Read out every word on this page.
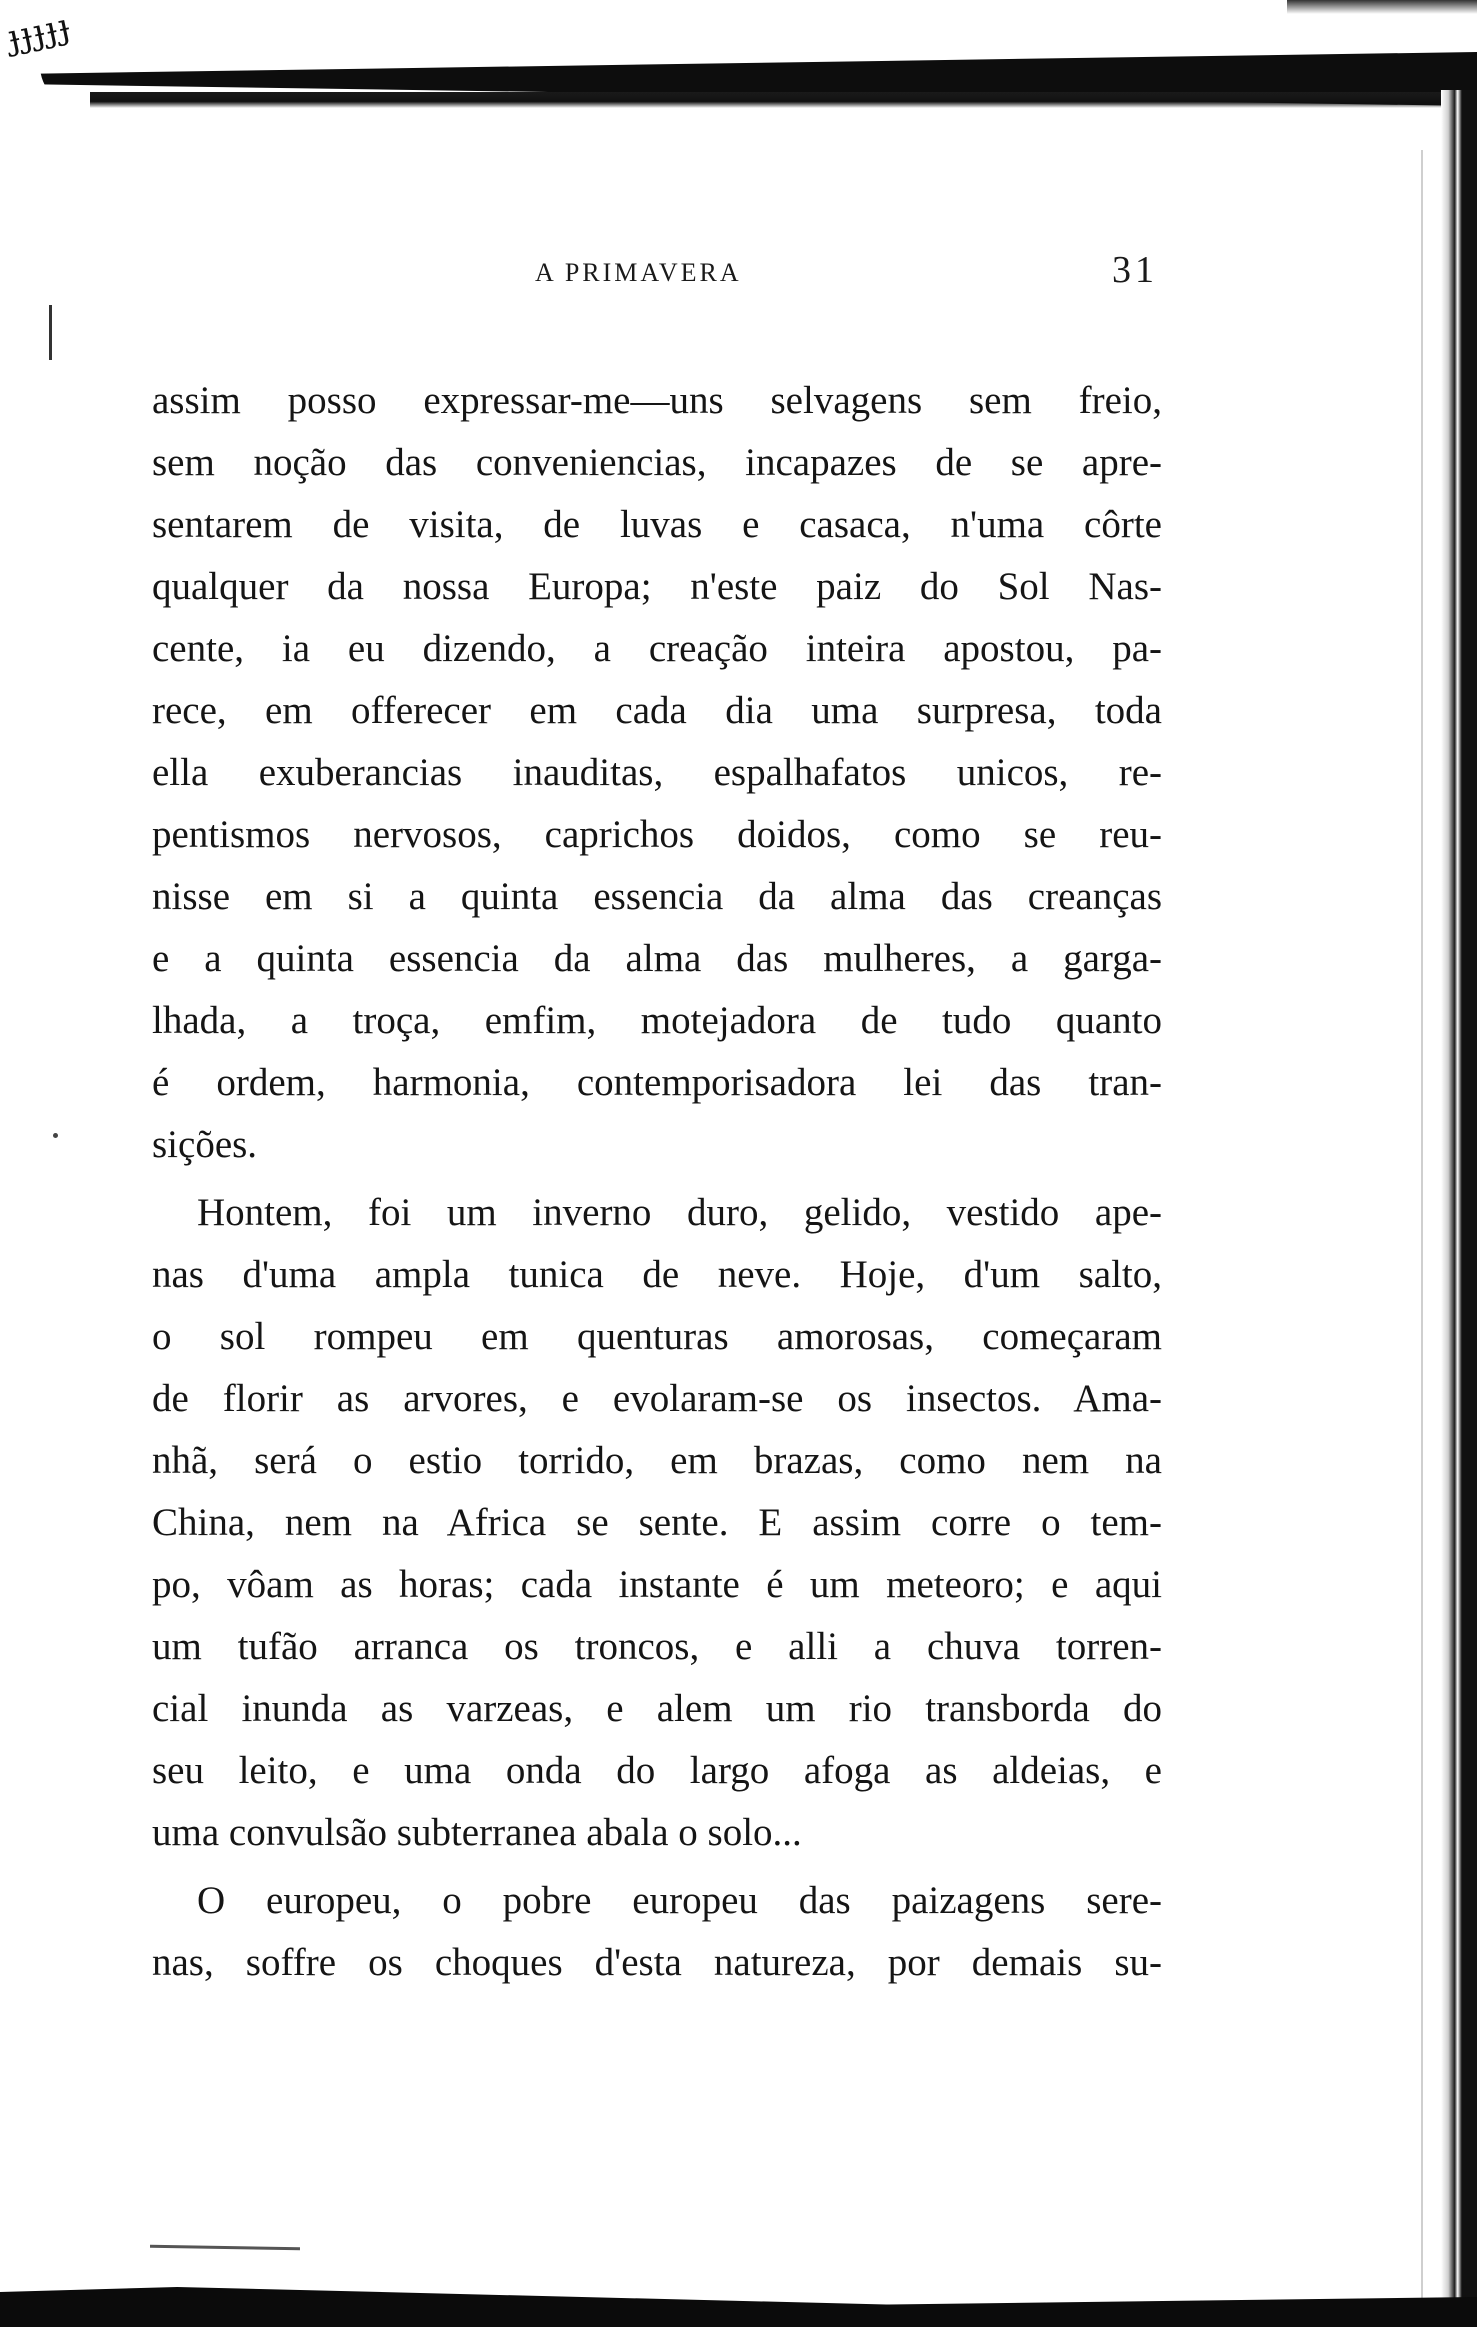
ɟɟɟɟɟ
A PRIMAVERA	31
assim posso expressar-me—uns selvagens sem freio,
sem noção das conveniencias, incapazes de se apre-
sentarem de visita, de luvas e casaca, n'uma côrte
qualquer da nossa Europa; n'este paiz do Sol Nas-
cente, ia eu dizendo, a creação inteira apostou, pa-
rece, em offerecer em cada dia uma surpresa, toda
ella exuberancias inauditas, espalhafatos unicos, re-
pentismos nervosos, caprichos doidos, como se reu-
nisse em si a quinta essencia da alma das creanças
e a quinta essencia da alma das mulheres, a garga-
lhada, a troça, emfim, motejadora de tudo quanto
é ordem, harmonia, contemporisadora lei das tran-
sições.
Hontem, foi um inverno duro, gelido, vestido ape-
nas d'uma ampla tunica de neve. Hoje, d'um salto,
o sol rompeu em quenturas amorosas, começaram
de florir as arvores, e evolaram-se os insectos. Ama-
nhã, será o estio torrido, em brazas, como nem na
China, nem na Africa se sente. E assim corre o tem-
po, vôam as horas; cada instante é um meteoro; e aqui
um tufão arranca os troncos, e alli a chuva torren-
cial inunda as varzeas, e alem um rio transborda do
seu leito, e uma onda do largo afoga as aldeias, e
uma convulsão subterranea abala o solo...
O europeu, o pobre europeu das paizagens sere-
nas, soffre os choques d'esta natureza, por demais su-
